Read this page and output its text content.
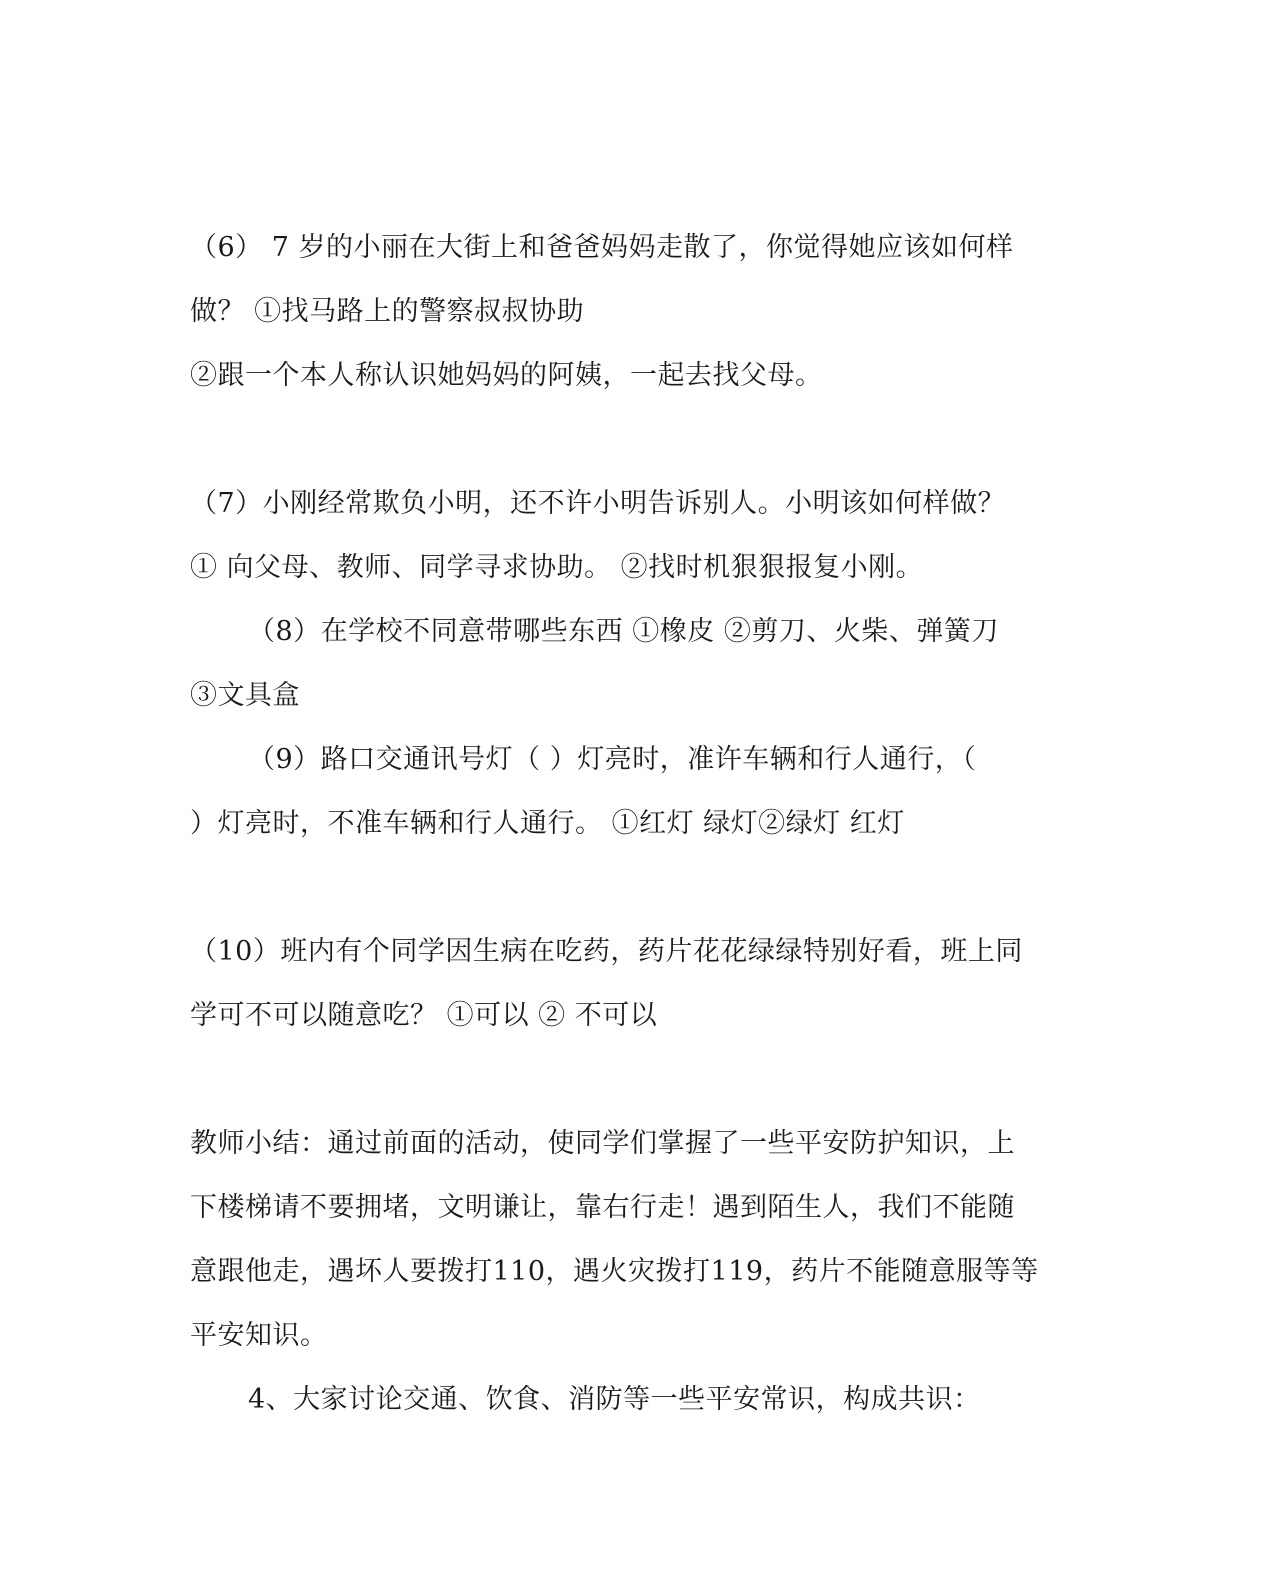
（6） 7 岁的小丽在大街上和爸爸妈妈走散了，你觉得她应该如何样
做？ ①找马路上的警察叔叔协助
②跟一个本人称认识她妈妈的阿姨，一起去找父母。
（7）小刚经常欺负小明，还不许小明告诉别人。小明该如何样做？
① 向父母、教师、同学寻求协助。 ②找时机狠狠报复小刚。
（8）在学校不同意带哪些东西 ①橡皮 ②剪刀、火柴、弹簧刀
③文具盒
（9）路口交通讯号灯（ ）灯亮时，准许车辆和行人通行，（
）灯亮时，不准车辆和行人通行。 ①红灯 绿灯②绿灯 红灯
（10）班内有个同学因生病在吃药，药片花花绿绿特别好看，班上同
学可不可以随意吃？ ①可以 ② 不可以
教师小结：通过前面的活动，使同学们掌握了一些平安防护知识，上
下楼梯请不要拥堵，文明谦让，靠右行走！遇到陌生人，我们不能随
意跟他走，遇坏人要拨打110，遇火灾拨打119，药片不能随意服等等
平安知识。
4、大家讨论交通、饮食、消防等一些平安常识，构成共识：
